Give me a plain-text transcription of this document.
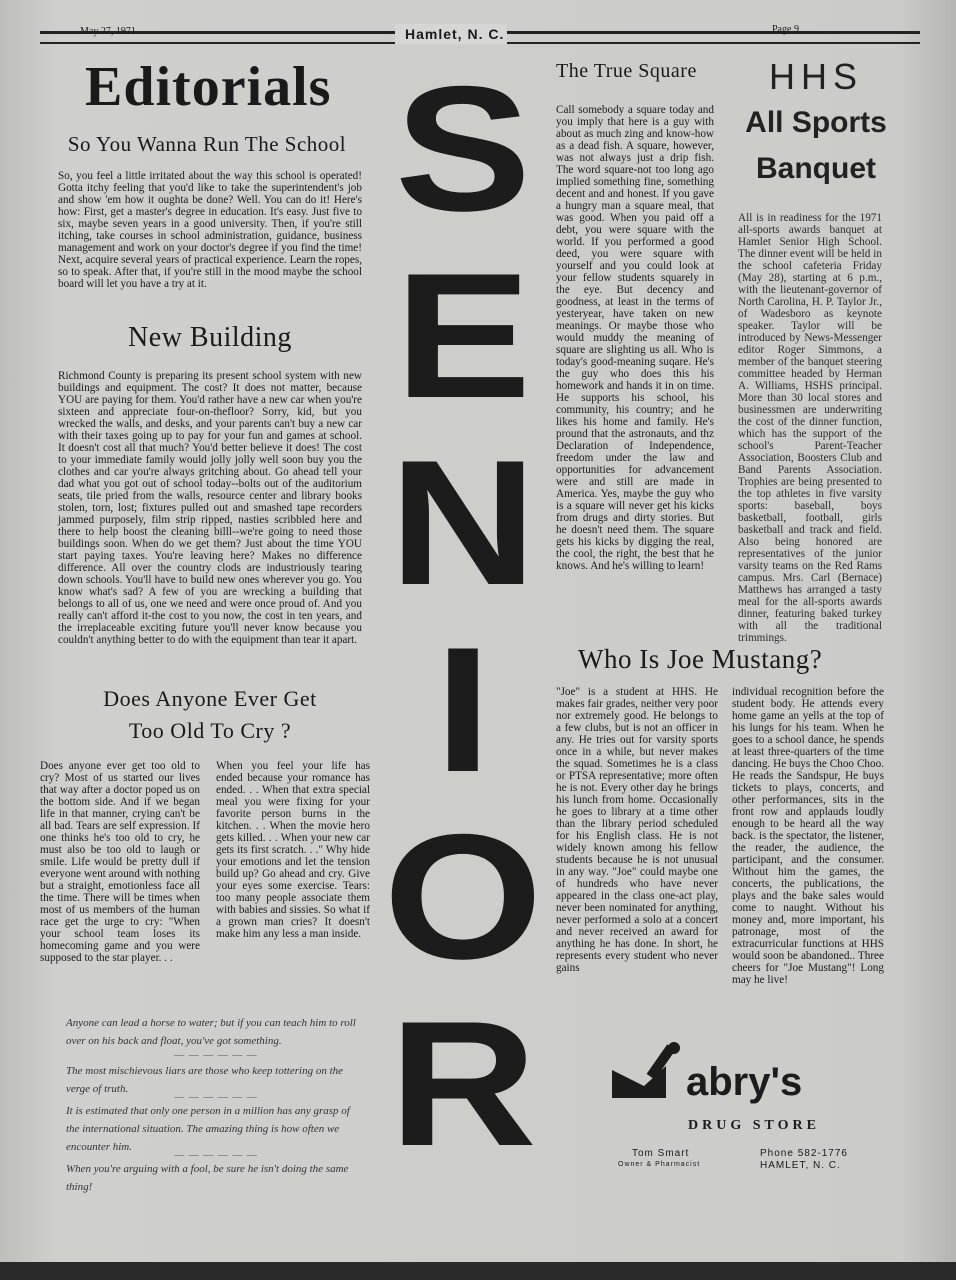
May 27, 1971	Hamlet, N. C.	Page 9
Editorials
So You Wanna Run The School
So, you feel a little irritated about the way this school is operated! Gotta itchy feeling that you'd like to take the superintendent's job and show 'em how it oughta be done? Well. You can do it! Here's how: First, get a master's degree in education. It's easy. Just five to six, maybe seven years in a good university. Then, if you're still itching, take courses in school administration, guidance, business management and work on your doctor's degree if you find the time! Next, acquire several years of practical experience. Learn the ropes, so to speak. After that, if you're still in the mood maybe the school board will let you have a try at it.
New Building
Richmond County is preparing its present school system with new buildings and equipment. The cost? It does not matter, because YOU are paying for them. You'd rather have a new car when you're sixteen and appreciate four-on-thefloor? Sorry, kid, but you wrecked the walls, and desks, and your parents can't buy a new car with their taxes going up to pay for your fun and games at school. It doesn't cost all that much? You'd better believe it does! The cost to your immediate family would jolly jolly well soon buy you the clothes and car you're always gritching about. Go ahead tell your dad what you got out of school today--bolts out of the auditorium seats, tile pried from the walls, resource center and library books stolen, torn, lost; fixtures pulled out and smashed tape recorders jammed purposely, film strip ripped, nasties scribbled here and there to help boost the cleaning billl--we're going to need those buildings soon. When do we get them? Just about the time YOU start paying taxes. You're leaving here? Makes no difference difference. All over the country clods are industriously tearing down schools. You'll have to build new ones wherever you go. You know what's sad? A few of you are wrecking a building that belongs to all of us, one we need and were once proud of. And you really can't afford it-the cost to you now, the cost in ten years, and the irreplaceable exciting future you'll never know because you couldn't anything better to do with the equipment than tear it apart.
Does Anyone Ever Get
Too Old To Cry ?
Does anyone ever get too old to cry? Most of us started our lives that way after a doctor poped us on the bottom side. And if we began life in that manner, crying can't be all bad. Tears are self expression. If one thinks he's too old to cry, he must also be too old to laugh or smile. Life would be pretty dull if everyone went around with nothing but a straight, emotionless face all the time. There will be times when most of us members of the human race get the urge to cry: "When your school team loses its homecoming game and you were supposed to the star player. . .
When you feel your life has ended because your romance has ended. . . When that extra special meal you were fixing for your favorite person burns in the kitchen. . . When the movie hero gets killed. . . When your new car gets its first scratch. . ." Why hide your emotions and let the tension build up? Go ahead and cry. Give your eyes some exercise. Tears: too many people associate them with babies and sissies. So what if a grown man cries? It doesn't make him any less a man inside.
Anyone can lead a horse to water; but if you can teach him to roll over on his back and float, you've got something.
— — — — — —
The most mischievous liars are those who keep tottering on the verge of truth.
— — — — — —
It is estimated that only one person in a million has any grasp of the international situation. The amazing thing is how often we encounter him.
— — — — — —
When you're arguing with a fool, be sure he isn't doing the same thing!
S
E
N
I
O
R
The True Square
Call somebody a square today and you imply that here is a guy with about as much zing and know-how as a dead fish. A square, however, was not always just a drip fish. The word square-not too long ago implied something fine, something decent and and honest. If you gave a hungry man a square meal, that was good. When you paid off a debt, you were square with the world. If you performed a good deed, you were square with yourself and you could look at your fellow students squarely in the eye. But decency and goodness, at least in the terms of yesteryear, have taken on new meanings. Or maybe those who would muddy the meaning of square are slighting us all. Who is today's good-meaning suqare. He's the guy who does this his homework and hands it in on time. He supports his school, his community, his country; and he likes his home and family. He's pround that the astronauts, and thz Declaration of Independence, freedom under the law and opportunities for advancement were and still are made in America. Yes, maybe the guy who is a square will never get his kicks from drugs and dirty stories. But he doesn't need them. The square gets his kicks by digging the real, the cool, the right, the best that he knows. And he's willing to learn!
HHS
All Sports
Banquet
All is in readiness for the 1971 all-sports awards banquet at Hamlet Senior High School. The dinner event will be held in the school cafeteria Friday (May 28), starting at 6 p.m., with the lieutenant-governor of North Carolina, H. P. Taylor Jr., of Wadesboro as keynote speaker. Taylor will be introduced by News-Messenger editor Roger Simmons, a member of the banquet steering committee headed by Herman A. Williams, HSHS principal. More than 30 local stores and businessmen are underwriting the cost of the dinner function, which has the support of the school's Parent-Teacher Association, Boosters Club and Band Parents Association. Trophies are being presented to the top athletes in five varsity sports: baseball, boys basketball, football, girls basketball and track and field. Also being honored are representatives of the junior varsity teams on the Red Rams campus. Mrs. Carl (Bernace) Matthews has arranged a tasty meal for the all-sports awards dinner, featuring baked turkey with all the traditional trimmings.
Who Is Joe Mustang?
"Joe" is a student at HHS. He makes fair grades, neither very poor nor extremely good. He belongs to a few clubs, but is not an officer in any. He tries out for varsity sports once in a while, but never makes the squad. Sometimes he is a class or PTSA representative; more often he is not. Every other day he brings his lunch from home. Occasionally he goes to library at a time other than the library period scheduled for his English class. He is not widely known among his fellow students because he is not unusual in any way. "Joe" could maybe one of hundreds who have never appeared in the class one-act play, never been nominated for anything, never performed a solo at a concert and never received an award for anything he has done. In short, he represents every student who never gains
individual recognition before the student body. He attends every home game an yells at the top of his lungs for his team. When he goes to a school dance, he spends at least three-quarters of the time dancing. He buys the Choo Choo. He reads the Sandspur, He buys tickets to plays, concerts, and other performances, sits in the front row and applauds loudly enough to be heard all the way back. is the spectator, the listener, the reader, the audience, the participant, and the consumer. Without him the games, the concerts, the publications, the plays and the bake sales would come to naught. Without his money and, more important, his patronage, most of the extracurricular functions at HHS would soon be abandoned.. Three cheers for "Joe Mustang"! Long may he live!
abry's
DRUG STORE
Tom Smart
Owner & Pharmacist
Phone 582-1776
HAMLET, N. C.
